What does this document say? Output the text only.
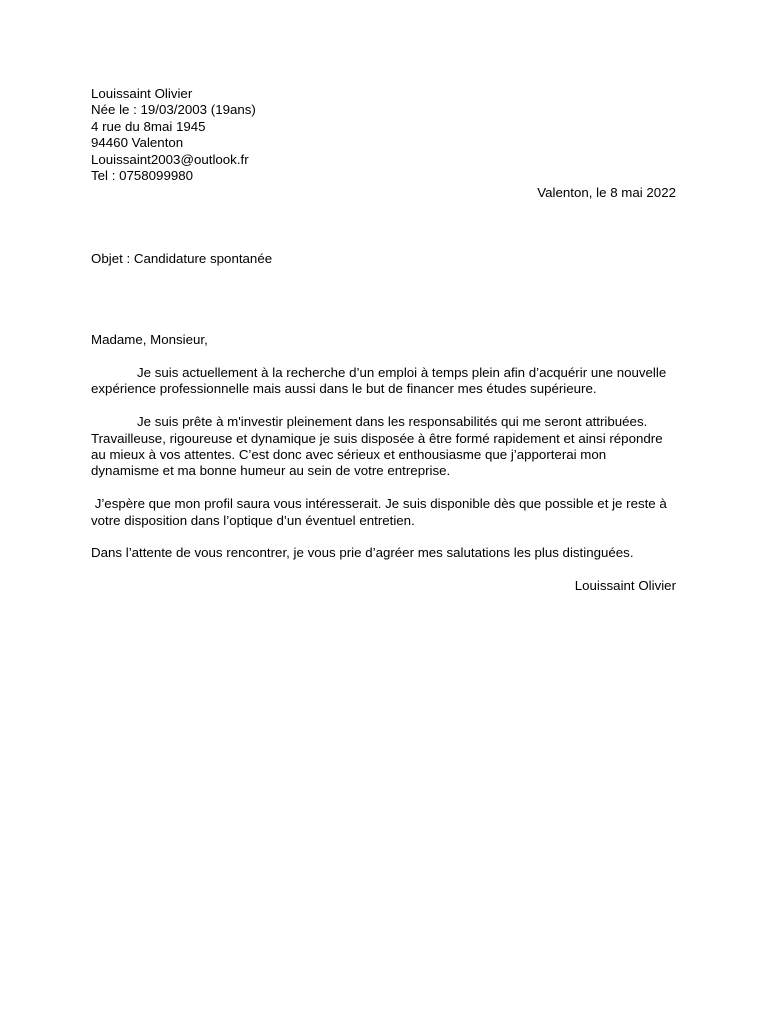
Louissaint Olivier
Née le : 19/03/2003 (19ans)
4 rue du 8mai 1945
94460 Valenton
Louissaint2003@outlook.fr
Tel : 0758099980
Valenton, le 8 mai 2022
Objet : Candidature spontanée
Madame, Monsieur,

Je suis actuellement à la recherche d’un emploi à temps plein afin d’acquérir une nouvelle expérience professionnelle mais aussi dans le but de financer mes études supérieure.

Je suis prête à m'investir pleinement dans les responsabilités qui me seront attribuées. Travailleuse, rigoureuse et dynamique je suis disposée à être formé rapidement et ainsi répondre au mieux à vos attentes. C’est donc avec sérieux et enthousiasme que j’apporterai mon dynamisme et ma bonne humeur au sein de votre entreprise.

J’espère que mon profil saura vous intéresserait. Je suis disponible dès que possible et je reste à votre disposition dans l’optique d’un éventuel entretien.

Dans l’attente de vous rencontrer, je vous prie d’agréer mes salutations les plus distinguées.

Louissaint Olivier
